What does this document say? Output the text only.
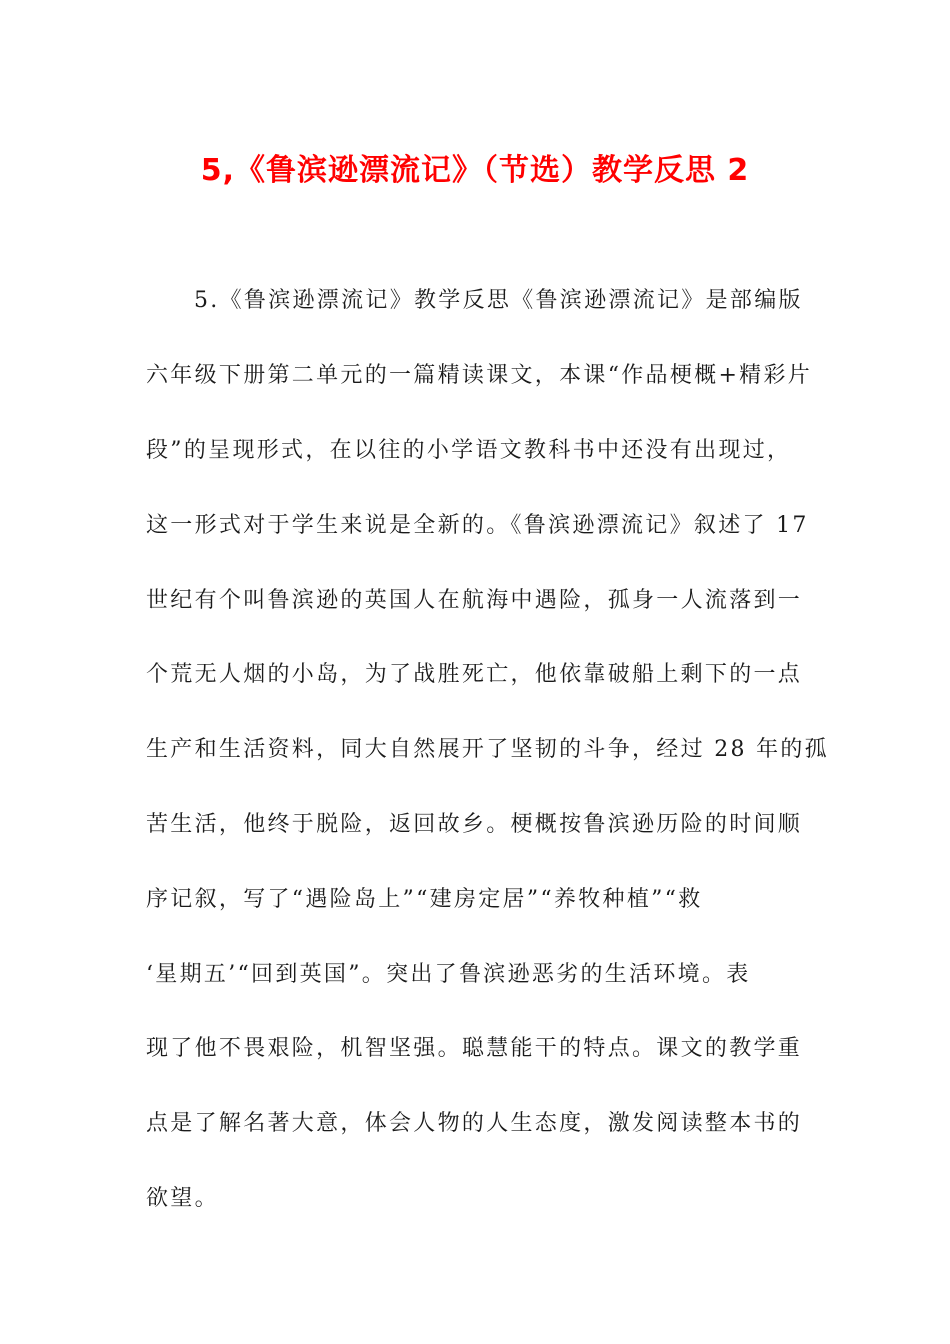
5,《鲁滨逊漂流记》（节选）教学反思 2
5.《鲁滨逊漂流记》教学反思《鲁滨逊漂流记》是部编版
六年级下册第二单元的一篇精读课文，本课“作品梗概+精彩片
段”的呈现形式，在以往的小学语文教科书中还没有出现过，
这一形式对于学生来说是全新的。《鲁滨逊漂流记》叙述了 17
世纪有个叫鲁滨逊的英国人在航海中遇险，孤身一人流落到一
个荒无人烟的小岛，为了战胜死亡，他依靠破船上剩下的一点
生产和生活资料，同大自然展开了坚韧的斗争，经过 28 年的孤
苦生活，他终于脱险，返回故乡。梗概按鲁滨逊历险的时间顺
序记叙，写了“遇险岛上”“建房定居”“养牧种植”“救
‘星期五’“回到英国”。突出了鲁滨逊恶劣的生活环境。表
现了他不畏艰险，机智坚强。聪慧能干的特点。课文的教学重
点是了解名著大意，体会人物的人生态度，激发阅读整本书的
欲望。
